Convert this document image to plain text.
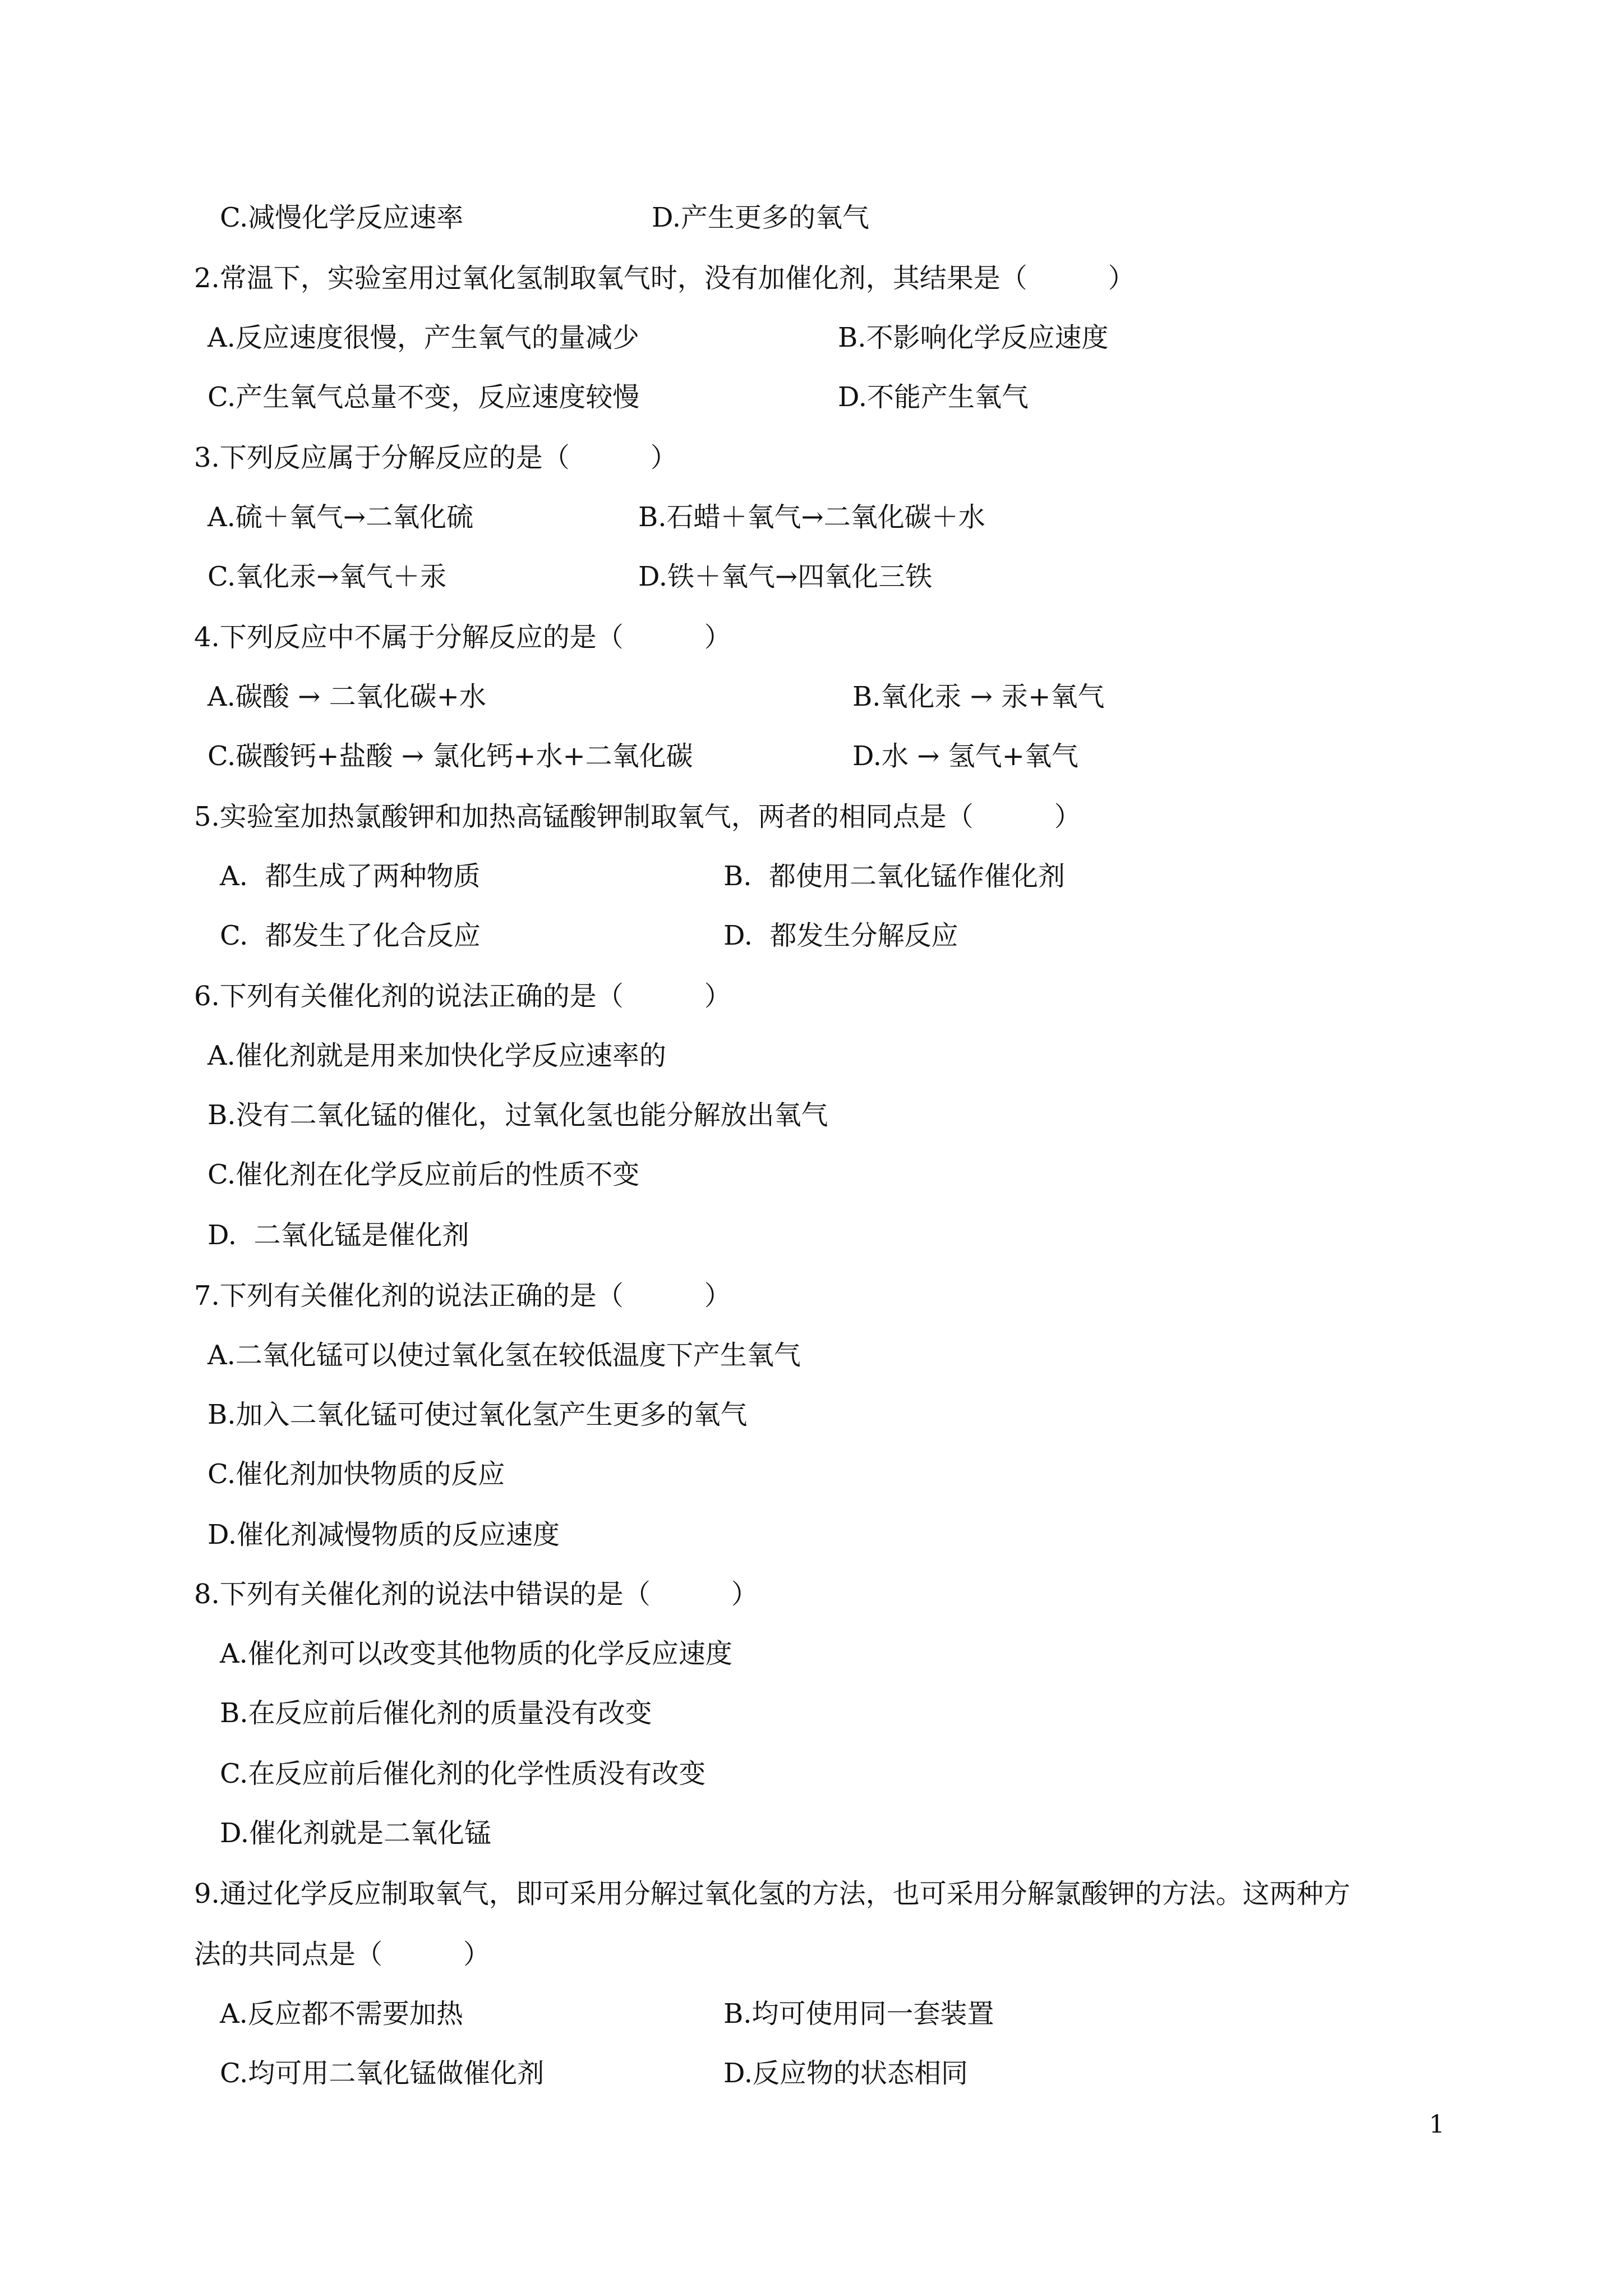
C.减慢化学反应速率	D.产生更多的氧气
2.常温下，实验室用过氧化氢制取氧气时，没有加催化剂，其结果是（　　　）
A.反应速度很慢，产生氧气的量减少	B.不影响化学反应速度
C.产生氧气总量不变，反应速度较慢	D.不能产生氧气
3.下列反应属于分解反应的是（　　　）
A.硫＋氧气→二氧化硫	B.石蜡＋氧气→二氧化碳＋水
C.氧化汞→氧气＋汞	D.铁＋氧气→四氧化三铁
4.下列反应中不属于分解反应的是（　　　）
A.碳酸 → 二氧化碳+水	B.氧化汞 → 汞+氧气
C.碳酸钙+盐酸 → 氯化钙+水+二氧化碳	D.水 → 氢气+氧气
5.实验室加热氯酸钾和加热高锰酸钾制取氧气，两者的相同点是（　　　）
A.  都生成了两种物质	B.  都使用二氧化锰作催化剂
C.  都发生了化合反应	D.  都发生分解反应
6.下列有关催化剂的说法正确的是（　　　）
A.催化剂就是用来加快化学反应速率的
B.没有二氧化锰的催化，过氧化氢也能分解放出氧气
C.催化剂在化学反应前后的性质不变
D.  二氧化锰是催化剂
7.下列有关催化剂的说法正确的是（　　　）
A.二氧化锰可以使过氧化氢在较低温度下产生氧气
B.加入二氧化锰可使过氧化氢产生更多的氧气
C.催化剂加快物质的反应
D.催化剂减慢物质的反应速度
8.下列有关催化剂的说法中错误的是（　　　）
A.催化剂可以改变其他物质的化学反应速度
B.在反应前后催化剂的质量没有改变
C.在反应前后催化剂的化学性质没有改变
D.催化剂就是二氧化锰
9.通过化学反应制取氧气，即可采用分解过氧化氢的方法，也可采用分解氯酸钾的方法。这两种方
法的共同点是（　　　）
A.反应都不需要加热	B.均可使用同一套装置
C.均可用二氧化锰做催化剂	D.反应物的状态相同
1
